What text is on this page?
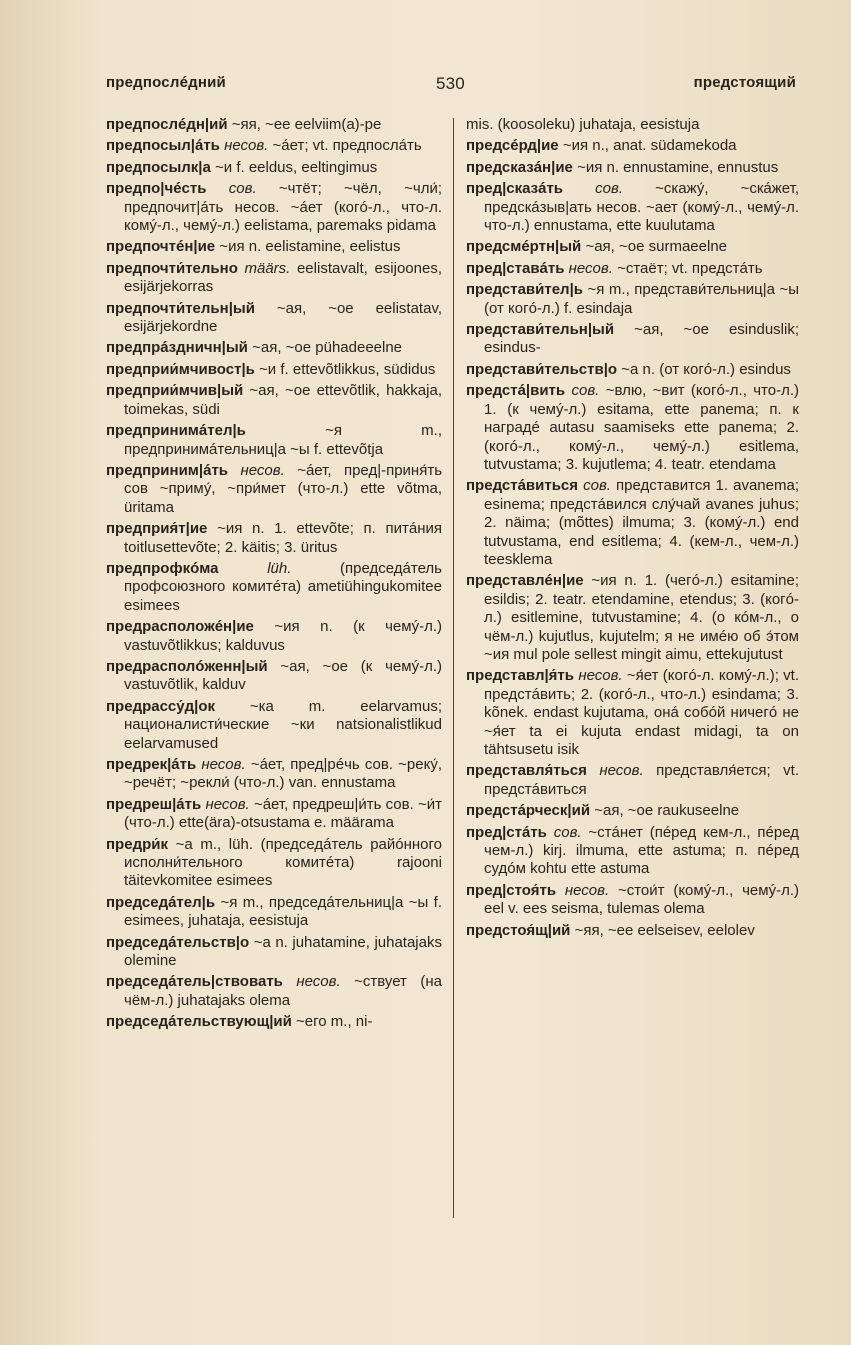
предпослéдний	530	предстоящий

предпослéдн|ий ~яя, ~ее eelviim(a)-pe

предпосыл|áть несов. ~áет; vt. предпослáть

предпосылк|а ~и f. eeldus, eeltingimus

предпо|чéсть сов. ~чтёт; ~чёл, ~чли́; предпочит|áть несов. ~áет (когó-л., что-л. комý-л., чемý-л.) eelistama, paremaks pidama

предпочтéн|ие ~ия n. eelistamine, eelistus

предпочти́тельно määrs. eelistavalt, esijoones, esijärjekorras

предпочти́тельн|ый ~ая, ~ое eelistatav, esijärjekordne

предпрáздничн|ый ~ая, ~ое pühadeeelne

предприи́мчивост|ь ~и f. ettevõtlikkus, südidus

предприи́мчив|ый ~ая, ~ое ettevõtlik, hakkaja, toimekas, südi

предпринимáтел|ь	~я m., предпринимáтельниц|а ~ы f. ettevõtja

предприним|áть несов. ~áет, пред|-приня́ть сов ~приму́, ~при́мет (что-л.) ette võtma, üritama

предприя́т|ие ~ия n. 1. ettevõte; п. питáния toitlusettevõte; 2. käitis; 3. üritus

предпрофкóма	lüh.	(председáтель профсоюзного комитéта) ametiühingukomitee esimees

предрасположéн|ие ~ия n. (к чемý-л.) vastuvõtlikkus; kalduvus

предрасполóженн|ый ~ая, ~ое (к чемý-л.) vastuvõtlik, kalduv

предрассу́д|ок ~ка m. eelarvamus; националисти́ческие ~ки natsionalistlikud eelarvamused

предрек|áть несов. ~áет, пред|рéчь сов. ~реку́, ~речёт; ~рекли́ (что-л.) van. ennustama

предреш|áть несов. ~áет, предреш|и́ть сов. ~и́т (что-л.) ette(ära)-otsustama e. määrama

предри́к ~а m., lüh. (председáтель райóнного исполни́тельного комитéта) rajooni täitevkomitee esimees

председáтел|ь ~я m., председáтельниц|а ~ы f. esimees, juhataja, eesistuja

председáтельств|о ~а n. juhatamine, juhatajaks olemine

председáтель|ствовать несов. ~ствует (на чём-л.) juhatajaks olema

председáтельствующ|ий ~его m., ni-

mis. (koosoleku) juhataja, eesistuja

предсéрд|ие ~ия n., anat. südamekoda

предсказáн|ие ~ия n. ennustamine, ennustus

пред|сказáть сов. ~скажу́, ~скáжет, предскáзыв|ать несов. ~ает (комý-л., чемý-л. что-л.) ennustama, ette kuulutama

предсмéртн|ый ~ая, ~ое surmaeelne

пред|ставáть несов. ~стаёт; vt. предстáть

представи́тел|ь ~я m., представи́тельниц|а ~ы (от когó-л.) f. esindaja

представи́тельн|ый ~ая, ~ое esinduslik; esindus-

представи́тельств|о ~а n. (от когó-л.) esindus

предстá|вить сов. ~влю, ~вит (когó-л., что-л.) 1. (к чемý-л.) esitama, ette panema; п. к наградé autasu saamiseks ette panema; 2. (когó-л., комý-л., чемý-л.) esitlema, tutvustama; 3. kujutlema; 4. teatr. etendama

предстáвиться сов. представится 1. avanema; esinema; предстáвился слу́чай avanes juhus; 2. näima; (mõttes) ilmuma; 3. (комý-л.) end tutvustama, end esitlema; 4. (кем-л., чем-л.) teesklema

представлéн|ие ~ия n. 1. (чегó-л.) esitamine; esildis; 2. teatr. etendamine, etendus; 3. (когó-л.) esitlemine, tutvustamine; 4. (о кóм-л., о чём-л.) kujutlus, kujutelm; я не имéю об э́том ~ия mul pole sellest mingit aimu, ettekujutust

представл|я́ть несов. ~я́ет (когó-л. комý-л.); vt. предстáвить; 2. (когó-л., что-л.) esindama; 3. kõnek. endast kujutama, онá собóй ничегó не ~я́ет ta ei kujuta endast midagi, ta on tähtsusetu isik

представля́ться несов. представля́ется; vt. предстáвиться

предстáрческ|ий ~ая, ~ое raukuseelne

пред|стáть сов. ~стáнет (пéред кем-л., пéред чем-л.) kirj. ilmuma, ette astuma; п. пéред судóм kohtu ette astuma

пред|стоя́ть несов. ~стои́т (комý-л., чемý-л.) eel v. ees seisma, tulemas olema

предстоя́щ|ий ~яя, ~ее eelseisev, eelolev
